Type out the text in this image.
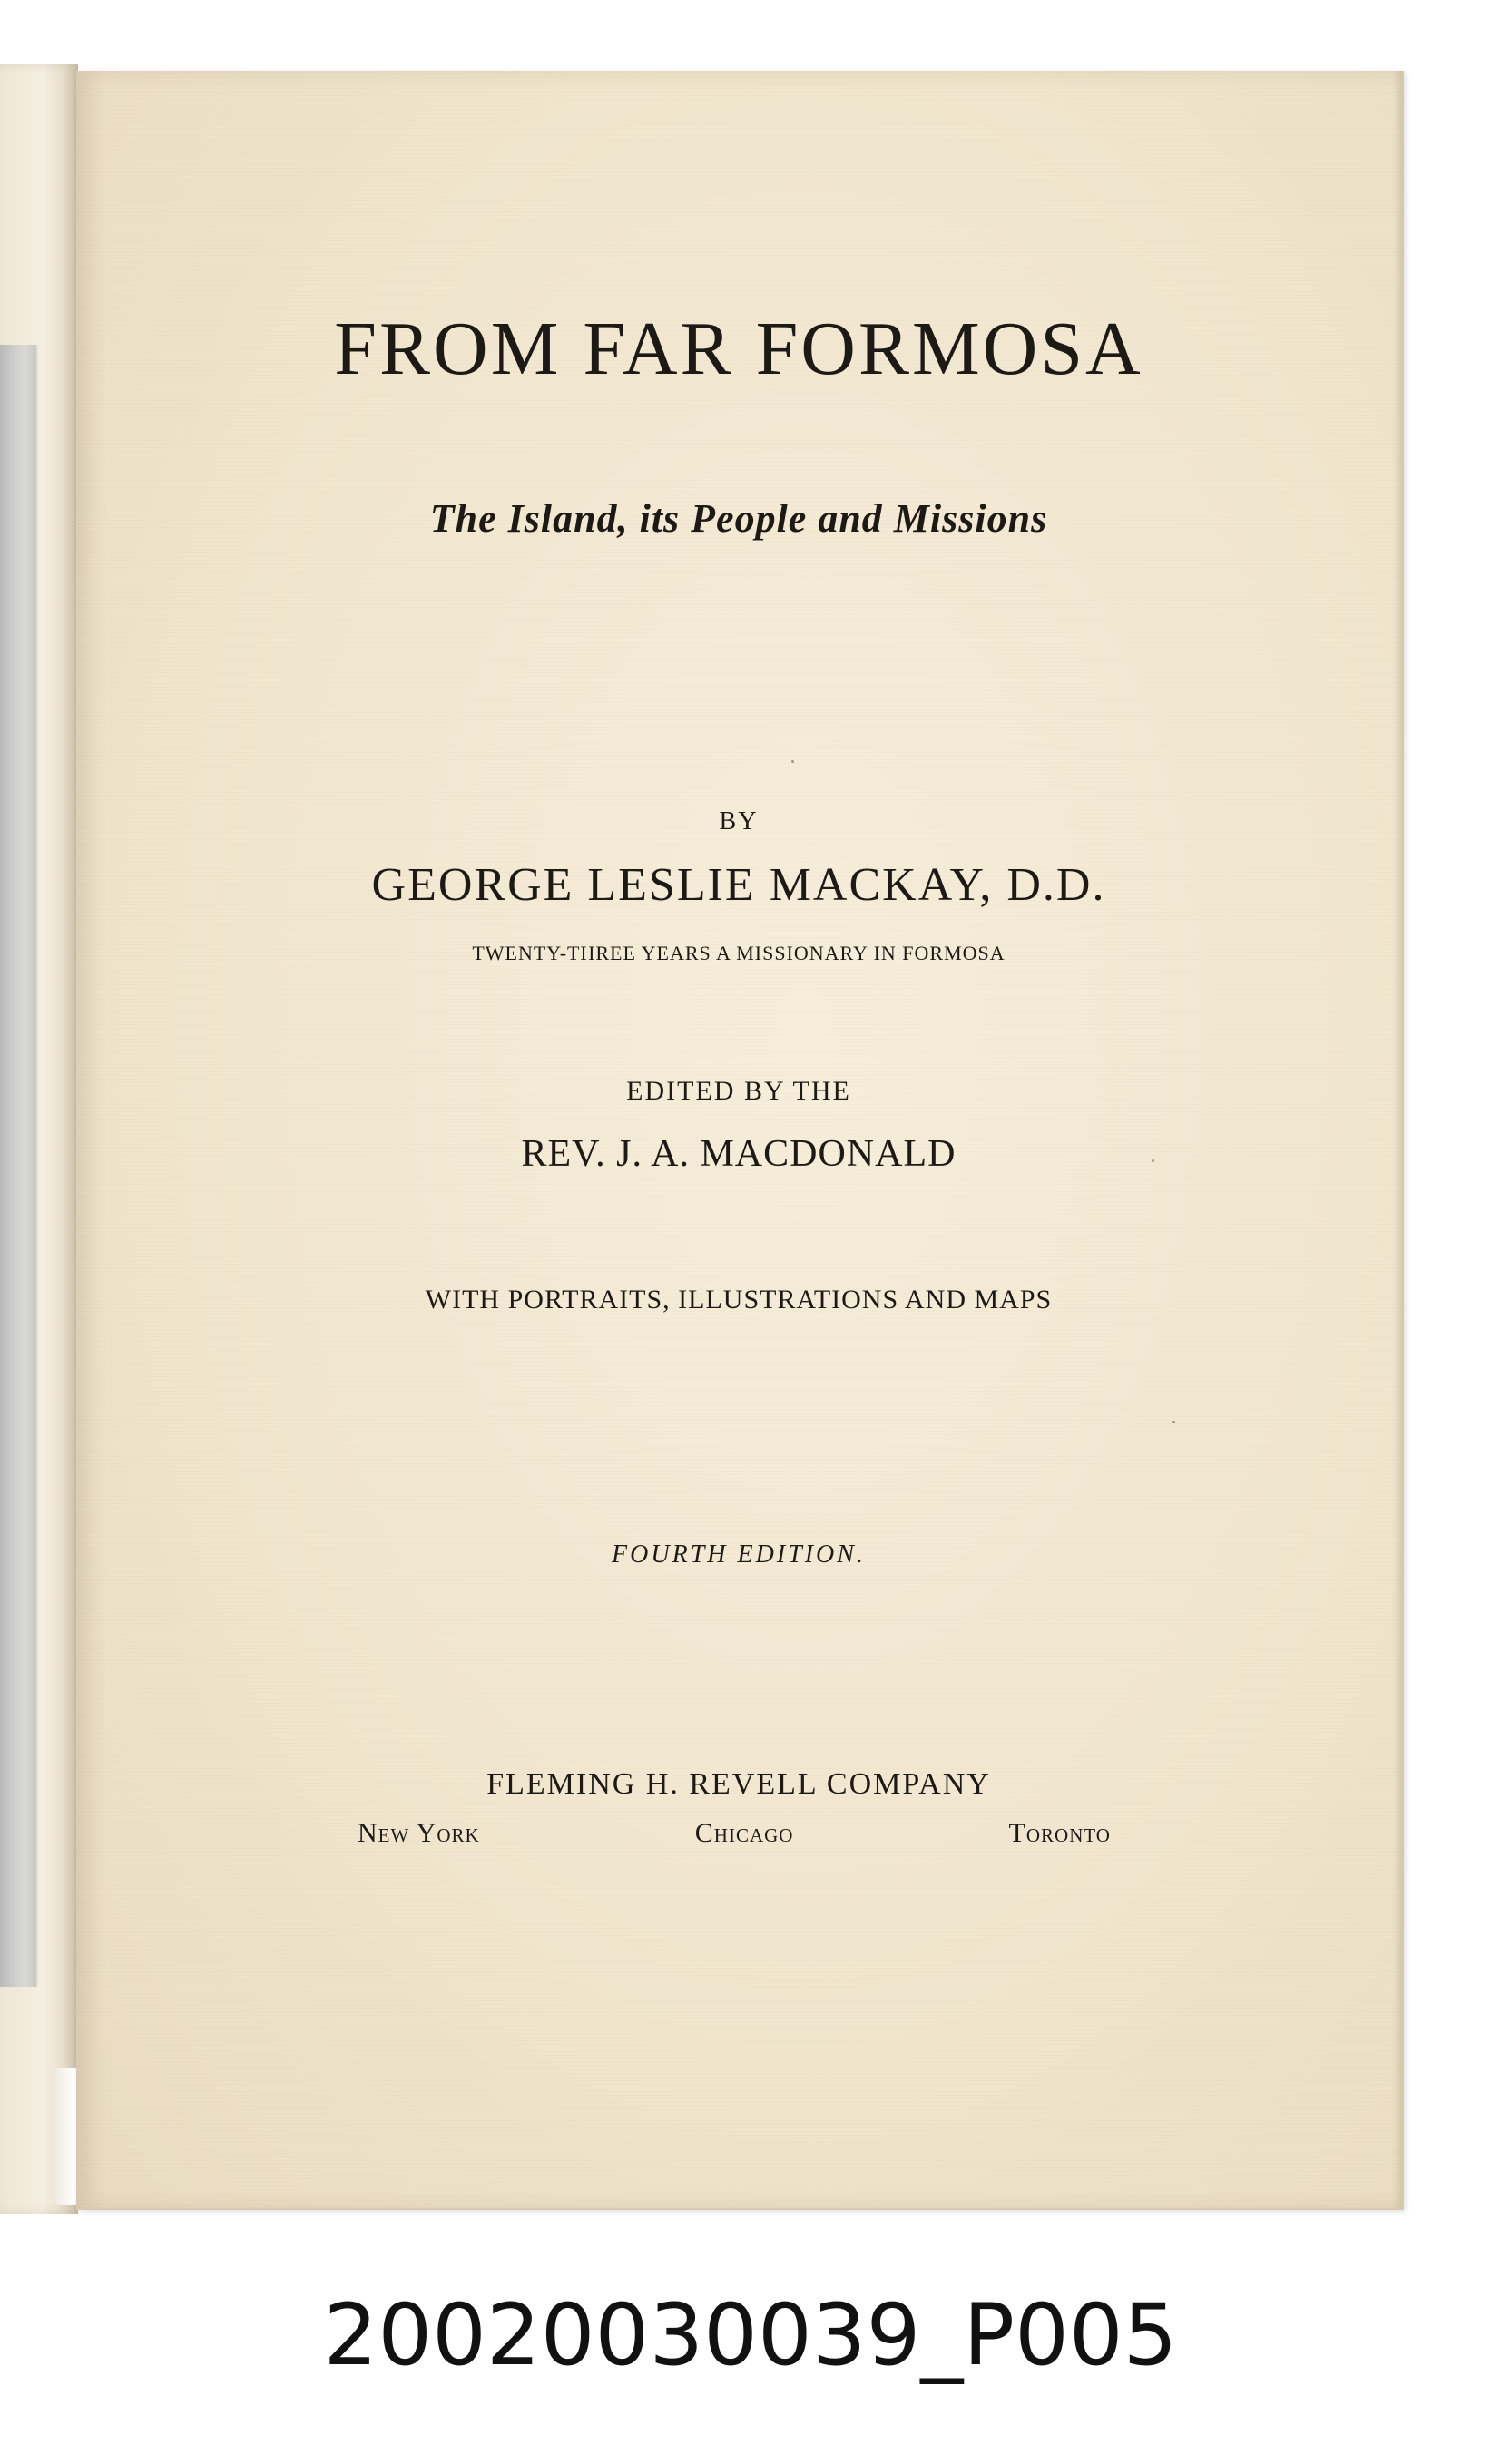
FROM FAR FORMOSA
The Island, its People and Missions
BY
GEORGE LESLIE MACKAY, D.D.
TWENTY-THREE YEARS A MISSIONARY IN FORMOSA
EDITED BY THE
REV. J. A. MACDONALD
WITH PORTRAITS, ILLUSTRATIONS AND MAPS
FOURTH EDITION.
FLEMING H. REVELL COMPANY
New York	Chicago	Toronto
20020030039_P005
